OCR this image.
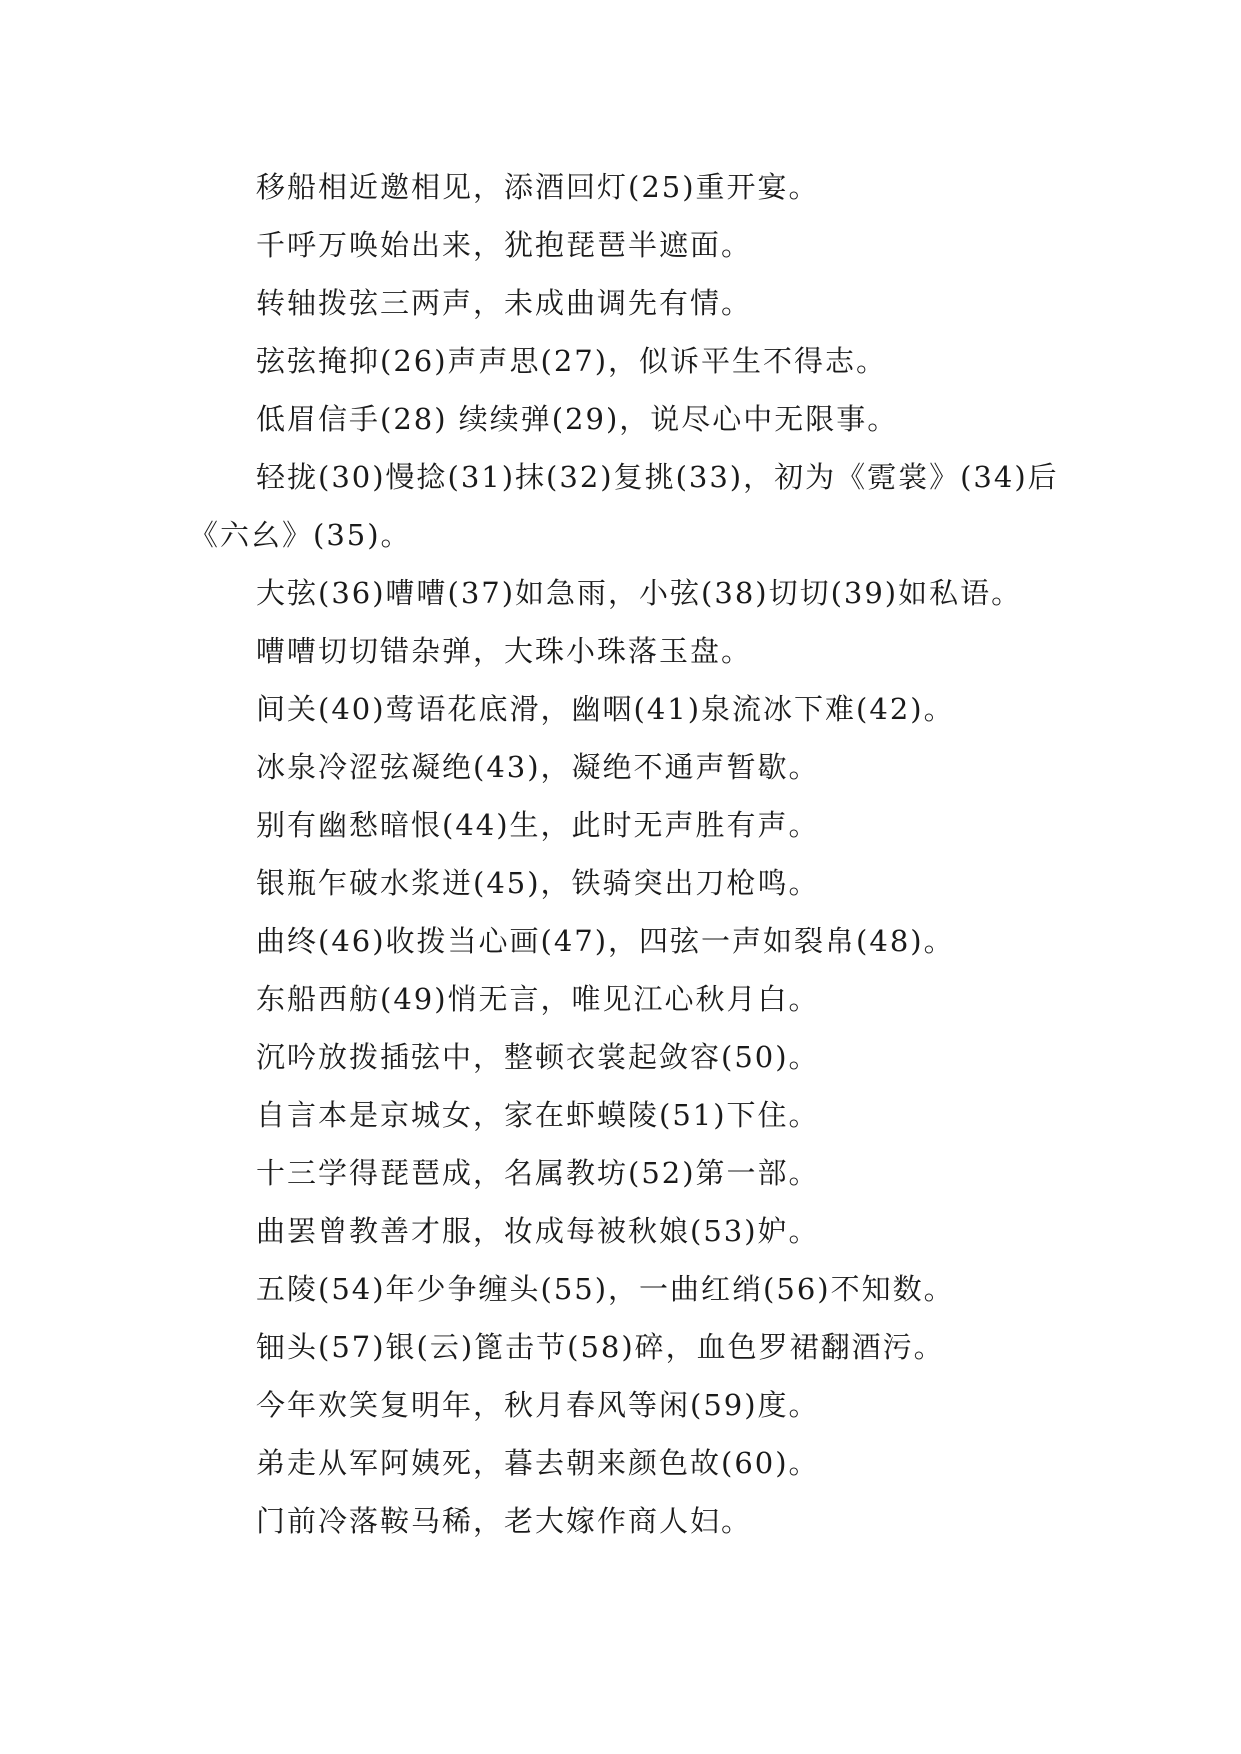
移船相近邀相见，添酒回灯(25)重开宴。
千呼万唤始出来，犹抱琵琶半遮面。
转轴拨弦三两声，未成曲调先有情。
弦弦掩抑(26)声声思(27)，似诉平生不得志。
低眉信手(28) 续续弹(29)，说尽心中无限事。
轻拢(30)慢捻(31)抹(32)复挑(33)，初为《霓裳》(34)后《六幺》(35)。
大弦(36)嘈嘈(37)如急雨，小弦(38)切切(39)如私语。
嘈嘈切切错杂弹，大珠小珠落玉盘。
间关(40)莺语花底滑，幽咽(41)泉流冰下难(42)。
冰泉冷涩弦凝绝(43)，凝绝不通声暂歇。
别有幽愁暗恨(44)生，此时无声胜有声。
银瓶乍破水浆迸(45)，铁骑突出刀枪鸣。
曲终(46)收拨当心画(47)，四弦一声如裂帛(48)。
东船西舫(49)悄无言，唯见江心秋月白。
沉吟放拨插弦中，整顿衣裳起敛容(50)。
自言本是京城女，家在虾蟆陵(51)下住。
十三学得琵琶成，名属教坊(52)第一部。
曲罢曾教善才服，妆成每被秋娘(53)妒。
五陵(54)年少争缠头(55)，一曲红绡(56)不知数。
钿头(57)银(云)篦击节(58)碎，血色罗裙翻酒污。
今年欢笑复明年，秋月春风等闲(59)度。
弟走从军阿姨死，暮去朝来颜色故(60)。
门前冷落鞍马稀，老大嫁作商人妇。
